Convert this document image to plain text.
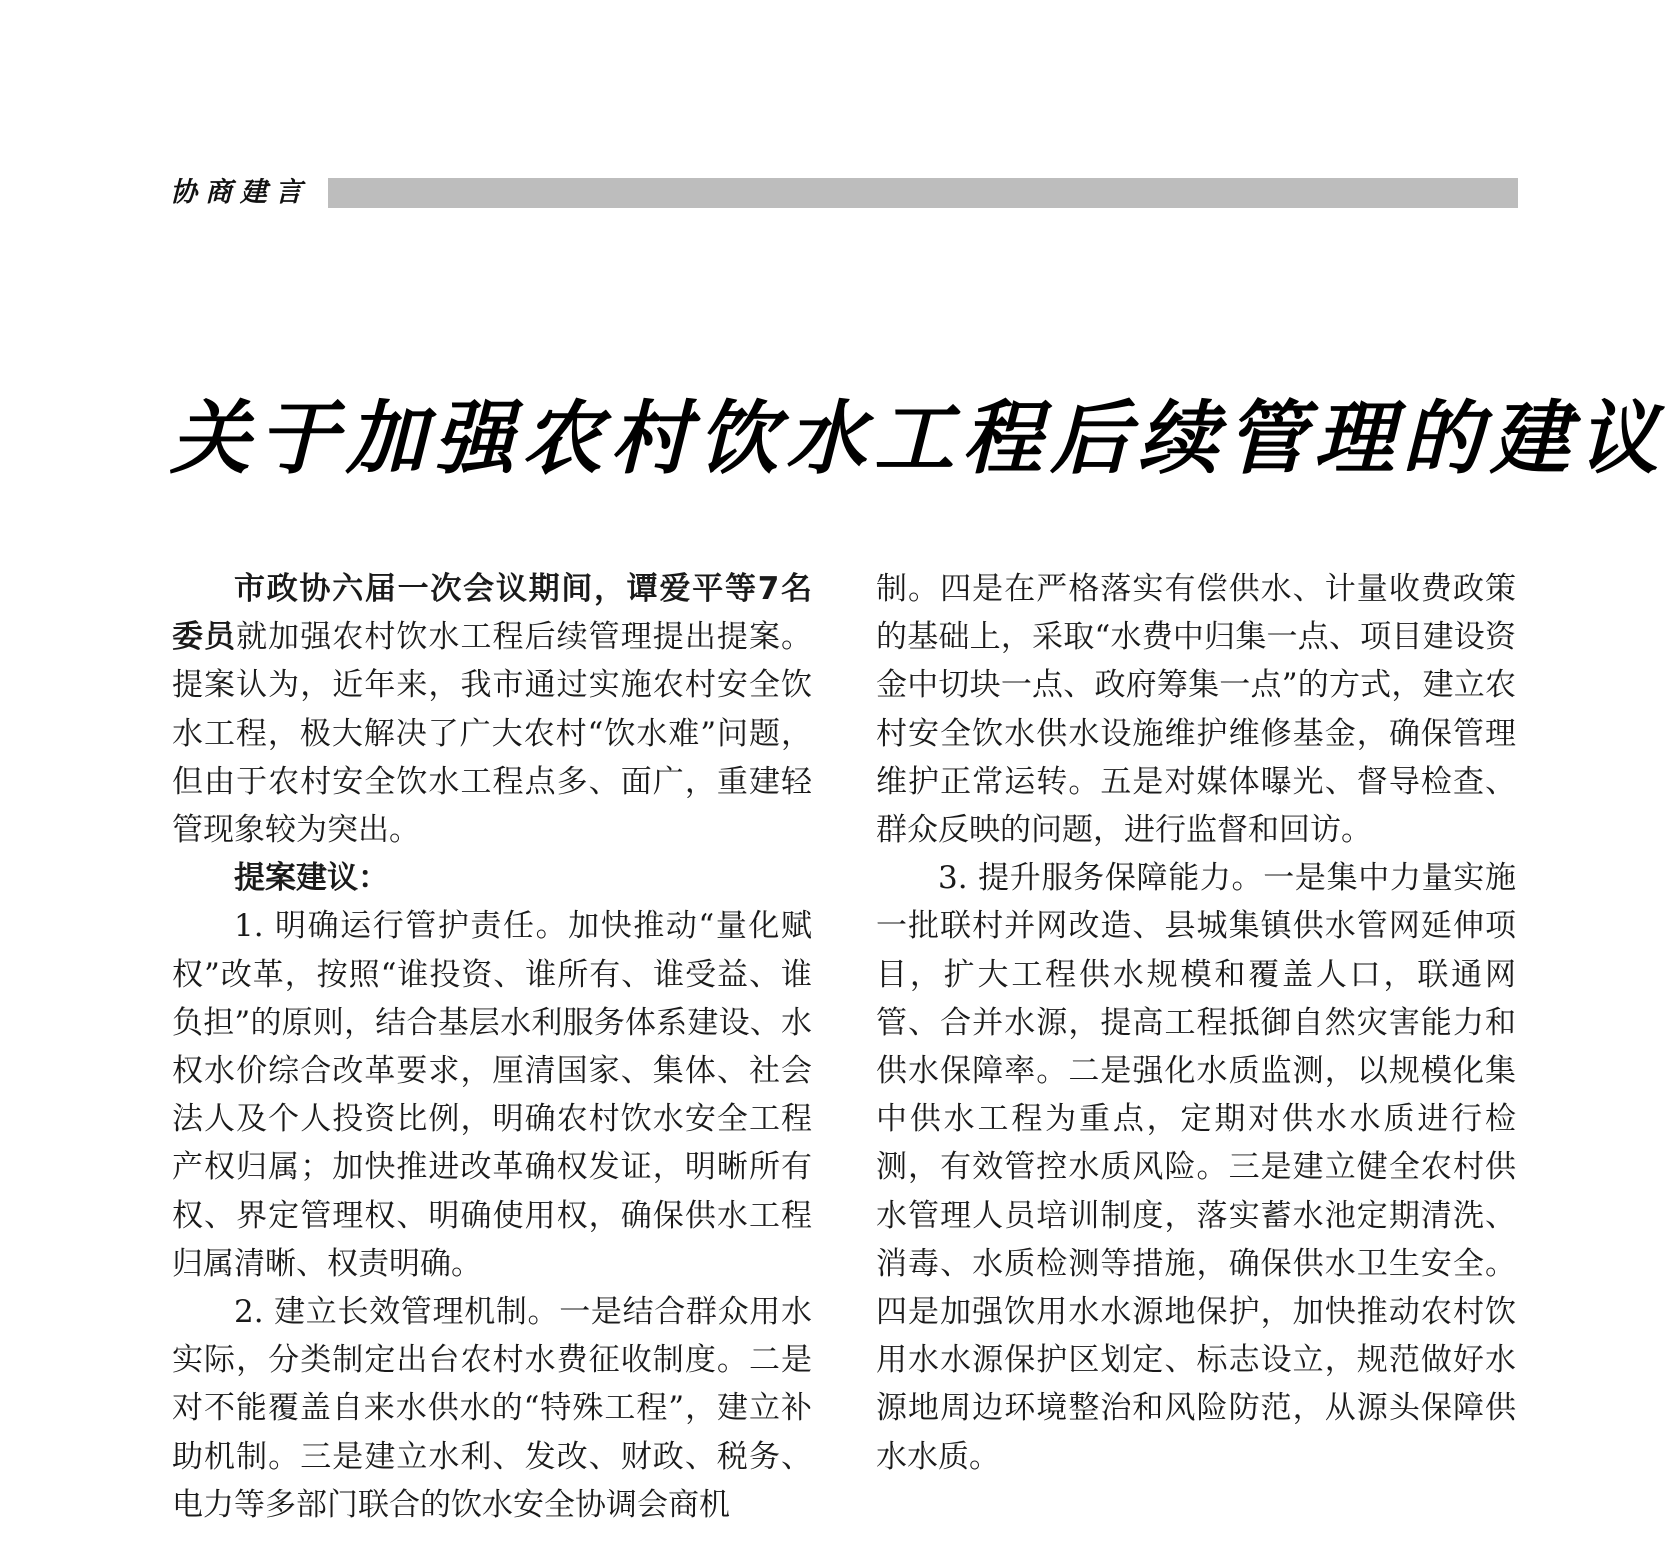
协商建言
关于加强农村饮水工程后续管理的建议

市政协六届一次会议期间，谭爱平等7名委员就加强农村饮水工程后续管理提出提案。提案认为，近年来，我市通过实施农村安全饮水工程，极大解决了广大农村“饮水难”问题，但由于农村安全饮水工程点多、面广，重建轻管现象较为突出。

提案建议：

1. 明确运行管护责任。加快推动“量化赋权”改革，按照“谁投资、谁所有、谁受益、谁负担”的原则，结合基层水利服务体系建设、水权水价综合改革要求，厘清国家、集体、社会法人及个人投资比例，明确农村饮水安全工程产权归属；加快推进改革确权发证，明晰所有权、界定管理权、明确使用权，确保供水工程归属清晰、权责明确。

2. 建立长效管理机制。一是结合群众用水实际，分类制定出台农村水费征收制度。二是对不能覆盖自来水供水的“特殊工程”，建立补助机制。三是建立水利、发改、财政、税务、电力等多部门联合的饮水安全协调会商机

制。四是在严格落实有偿供水、计量收费政策的基础上，采取“水费中归集一点、项目建设资金中切块一点、政府筹集一点”的方式，建立农村安全饮水供水设施维护维修基金，确保管理维护正常运转。五是对媒体曝光、督导检查、群众反映的问题，进行监督和回访。

3. 提升服务保障能力。一是集中力量实施一批联村并网改造、县城集镇供水管网延伸项目，扩大工程供水规模和覆盖人口，联通网管、合并水源，提高工程抵御自然灾害能力和供水保障率。二是强化水质监测，以规模化集中供水工程为重点，定期对供水水质进行检测，有效管控水质风险。三是建立健全农村供水管理人员培训制度，落实蓄水池定期清洗、消毒、水质检测等措施，确保供水卫生安全。四是加强饮用水水源地保护，加快推动农村饮用水水源保护区划定、标志设立，规范做好水源地周边环境整治和风险防范，从源头保障供水水质。
